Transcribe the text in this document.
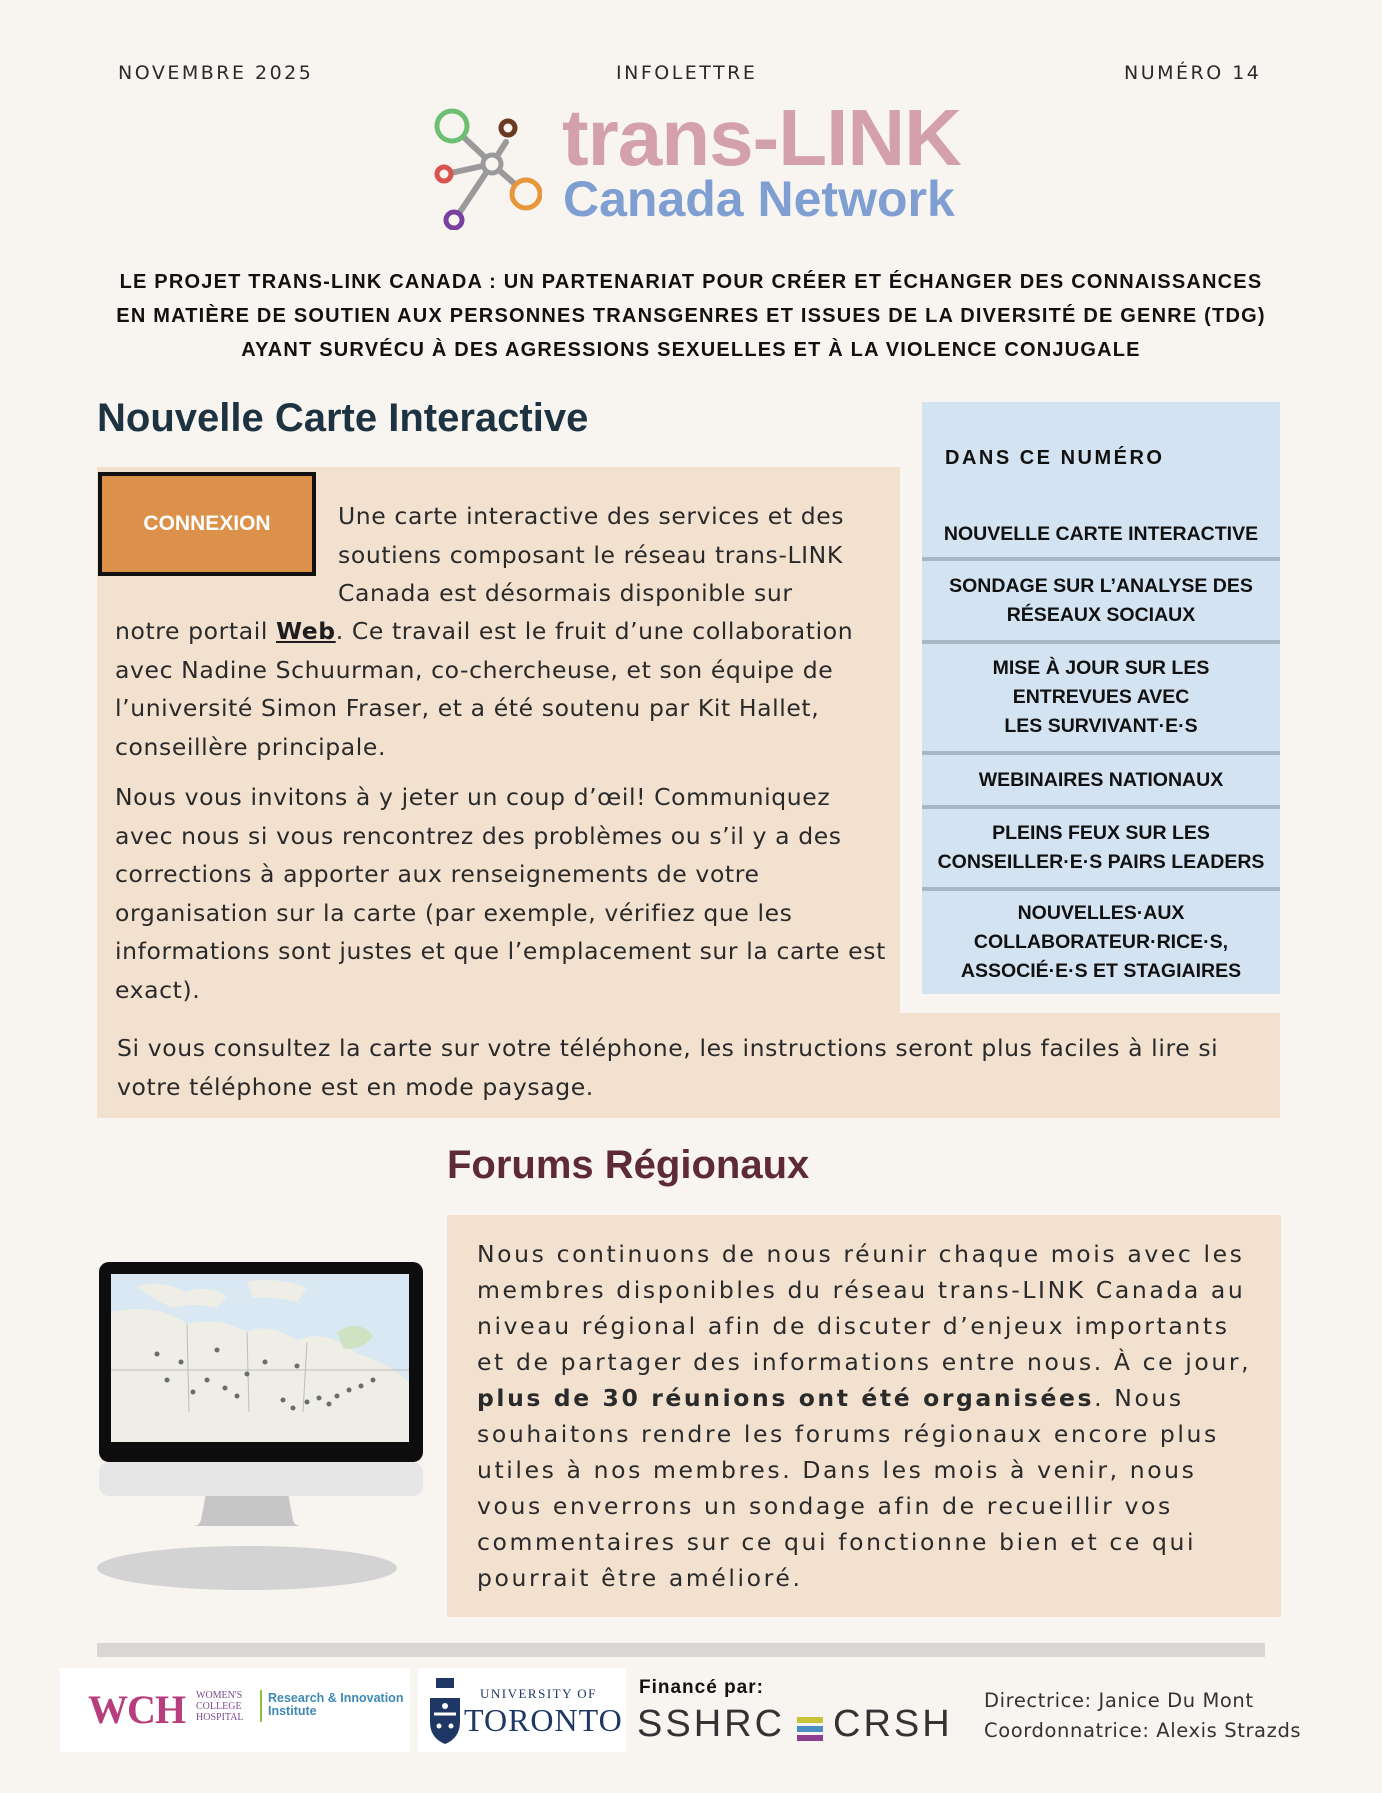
NOVEMBRE 2025	INFOLETTRE	NUMÉRO 14
trans-LINK
Canada Network
LE PROJET TRANS-LINK CANADA : UN PARTENARIAT POUR CRÉER ET ÉCHANGER DES CONNAISSANCES
EN MATIÈRE DE SOUTIEN AUX PERSONNES TRANSGENRES ET ISSUES DE LA DIVERSITÉ DE GENRE (TDG)
AYANT SURVÉCU À DES AGRESSIONS SEXUELLES ET À LA VIOLENCE CONJUGALE
Nouvelle Carte Interactive
CONNEXION	Une carte interactive des services et des soutiens composant le réseau trans-LINK Canada est désormais disponible sur

notre portail Web. Ce travail est le fruit d’une collaboration avec Nadine Schuurman, co-chercheuse, et son équipe de l’université Simon Fraser, et a été soutenu par Kit Hallet, conseillère principale.

Nous vous invitons à y jeter un coup d’œil! Communiquez avec nous si vous rencontrez des problèmes ou s’il y a des corrections à apporter aux renseignements de votre organisation sur la carte (par exemple, vérifiez que les informations sont justes et que l’emplacement sur la carte est exact).

Si vous consultez la carte sur votre téléphone, les instructions seront plus faciles à lire si votre téléphone est en mode paysage.

DANS CE NUMÉRO
NOUVELLE CARTE INTERACTIVE
SONDAGE SUR L’ANALYSE DES RÉSEAUX SOCIAUX
MISE À JOUR SUR LES ENTREVUES AVEC LES SURVIVANT·E·S
WEBINAIRES NATIONAUX
PLEINS FEUX SUR LES CONSEILLER·E·S PAIRS LEADERS
NOUVELLES·AUX COLLABORATEUR·RICE·S, ASSOCIÉ·E·S ET STAGIAIRES
Forums Régionaux

Nous continuons de nous réunir chaque mois avec les membres disponibles du réseau trans-LINK Canada au niveau régional afin de discuter d’enjeux importants et de partager des informations entre nous. À ce jour, plus de 30 réunions ont été organisées. Nous souhaitons rendre les forums régionaux encore plus utiles à nos membres. Dans les mois à venir, nous vous enverrons un sondage afin de recueillir vos commentaires sur ce qui fonctionne bien et ce qui pourrait être amélioré.

WCH WOMEN'S
COLLEGE
HOSPITAL
Research & Innovation
Institute
UNIVERSITY OF
TORONTO
Financé par:
SSHRC CRSH
Directrice: Janice Du Mont
Coordonnatrice: Alexis Strazds
